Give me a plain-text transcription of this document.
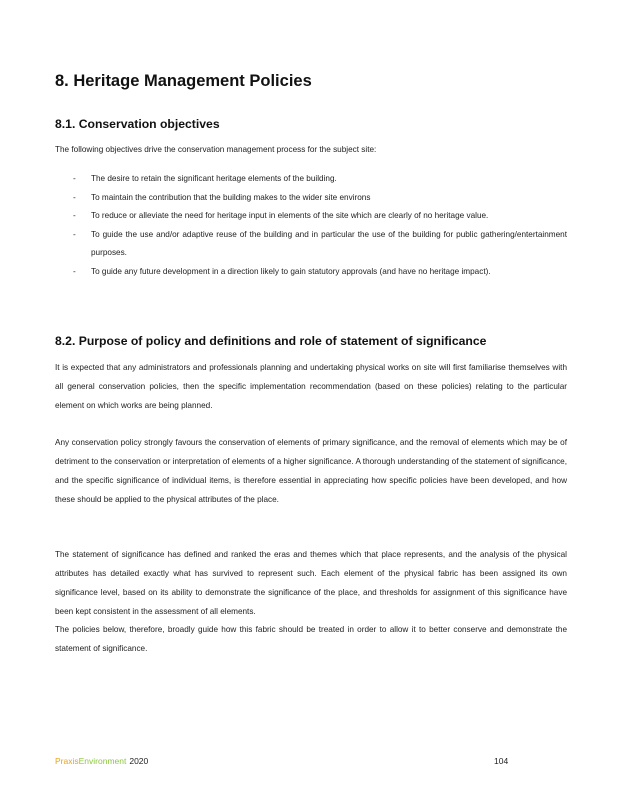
8. Heritage Management Policies
8.1. Conservation objectives
The following objectives drive the conservation management process for the subject site:
- The desire to retain the significant heritage elements of the building.
- To maintain the contribution that the building makes to the wider site environs
- To reduce or alleviate the need for heritage input in elements of the site which are clearly of no heritage value.
- To guide the use and/or adaptive reuse of the building and in particular the use of the building for public gathering/entertainment purposes.
- To guide any future development in a direction likely to gain statutory approvals (and have no heritage impact).
8.2. Purpose of policy and definitions and role of statement of significance
It is expected that any administrators and professionals planning and undertaking physical works on site will first familiarise themselves with all general conservation policies, then the specific implementation recommendation (based on these policies) relating to the particular element on which works are being planned.
Any conservation policy strongly favours the conservation of elements of primary significance, and the removal of elements which may be of detriment to the conservation or interpretation of elements of a higher significance. A thorough understanding of the statement of significance, and the specific significance of individual items, is therefore essential in appreciating how specific policies have been developed, and how these should be applied to the physical attributes of the place.
The statement of significance has defined and ranked the eras and themes which that place represents, and the analysis of the physical attributes has detailed exactly what has survived to represent such. Each element of the physical fabric has been assigned its own significance level, based on its ability to demonstrate the significance of the place, and thresholds for assignment of this significance have been kept consistent in the assessment of all elements.
The policies below, therefore, broadly guide how this fabric should be treated in order to allow it to better conserve and demonstrate the statement of significance.
PraxisEnvironment 2020	104
